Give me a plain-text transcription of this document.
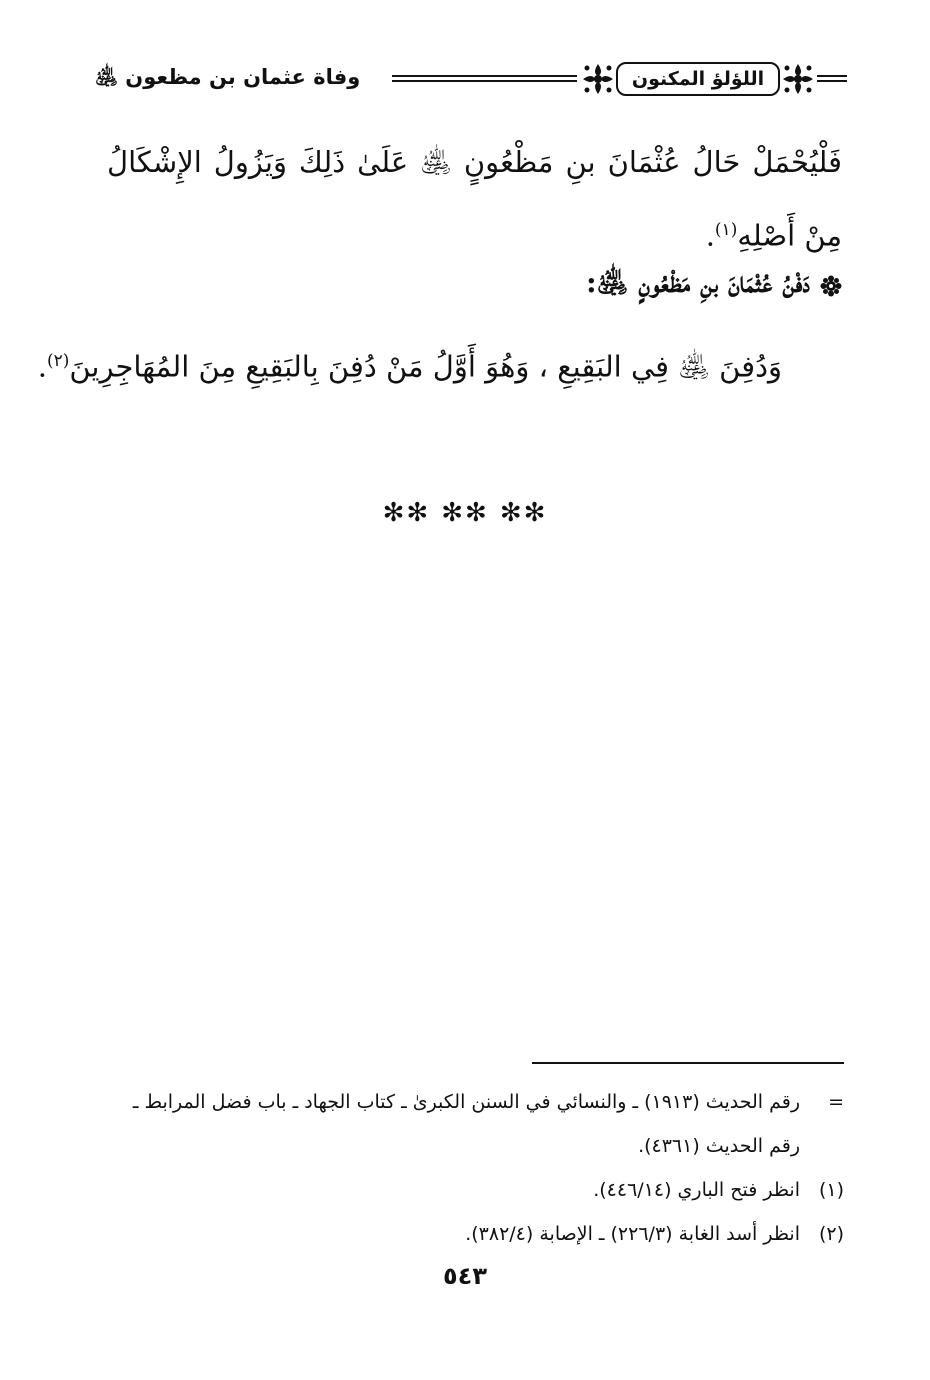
اللؤلؤ المكنون
وفاة عثمان بن مظعون ﵁
فَلْيُحْمَلْ حَالُ عُثْمَانَ بنِ مَظْعُونٍ ﵁ عَلَىٰ ذَلِكَ وَيَزُولُ الإِشْكَالُ مِنْ أَصْلِهِ$^{(١)}$.
دَفْنُ عُثْمَانَ بنِ مَظْعُونٍ ﵁:
وَدُفِنَ ﵁ فِي البَقِيعِ ، وَهُوَ أَوَّلُ مَنْ دُفِنَ بِالبَقِيعِ مِنَ المُهَاجِرِينَ$^{(٢)}$.
✻✻ ✻✻ ✻✻
=
رقم الحديث (١٩١٣) ـ والنسائي في السنن الكبرىٰ ـ كتاب الجهاد ـ باب فضل المرابط ـ رقم الحديث (٤٣٦١).
(١)
انظر فتح الباري (٤٤٦/١٤).
(٢)
انظر أسد الغابة (٢٢٦/٣) ـ الإصابة (٣٨٢/٤).
٥٤٣
